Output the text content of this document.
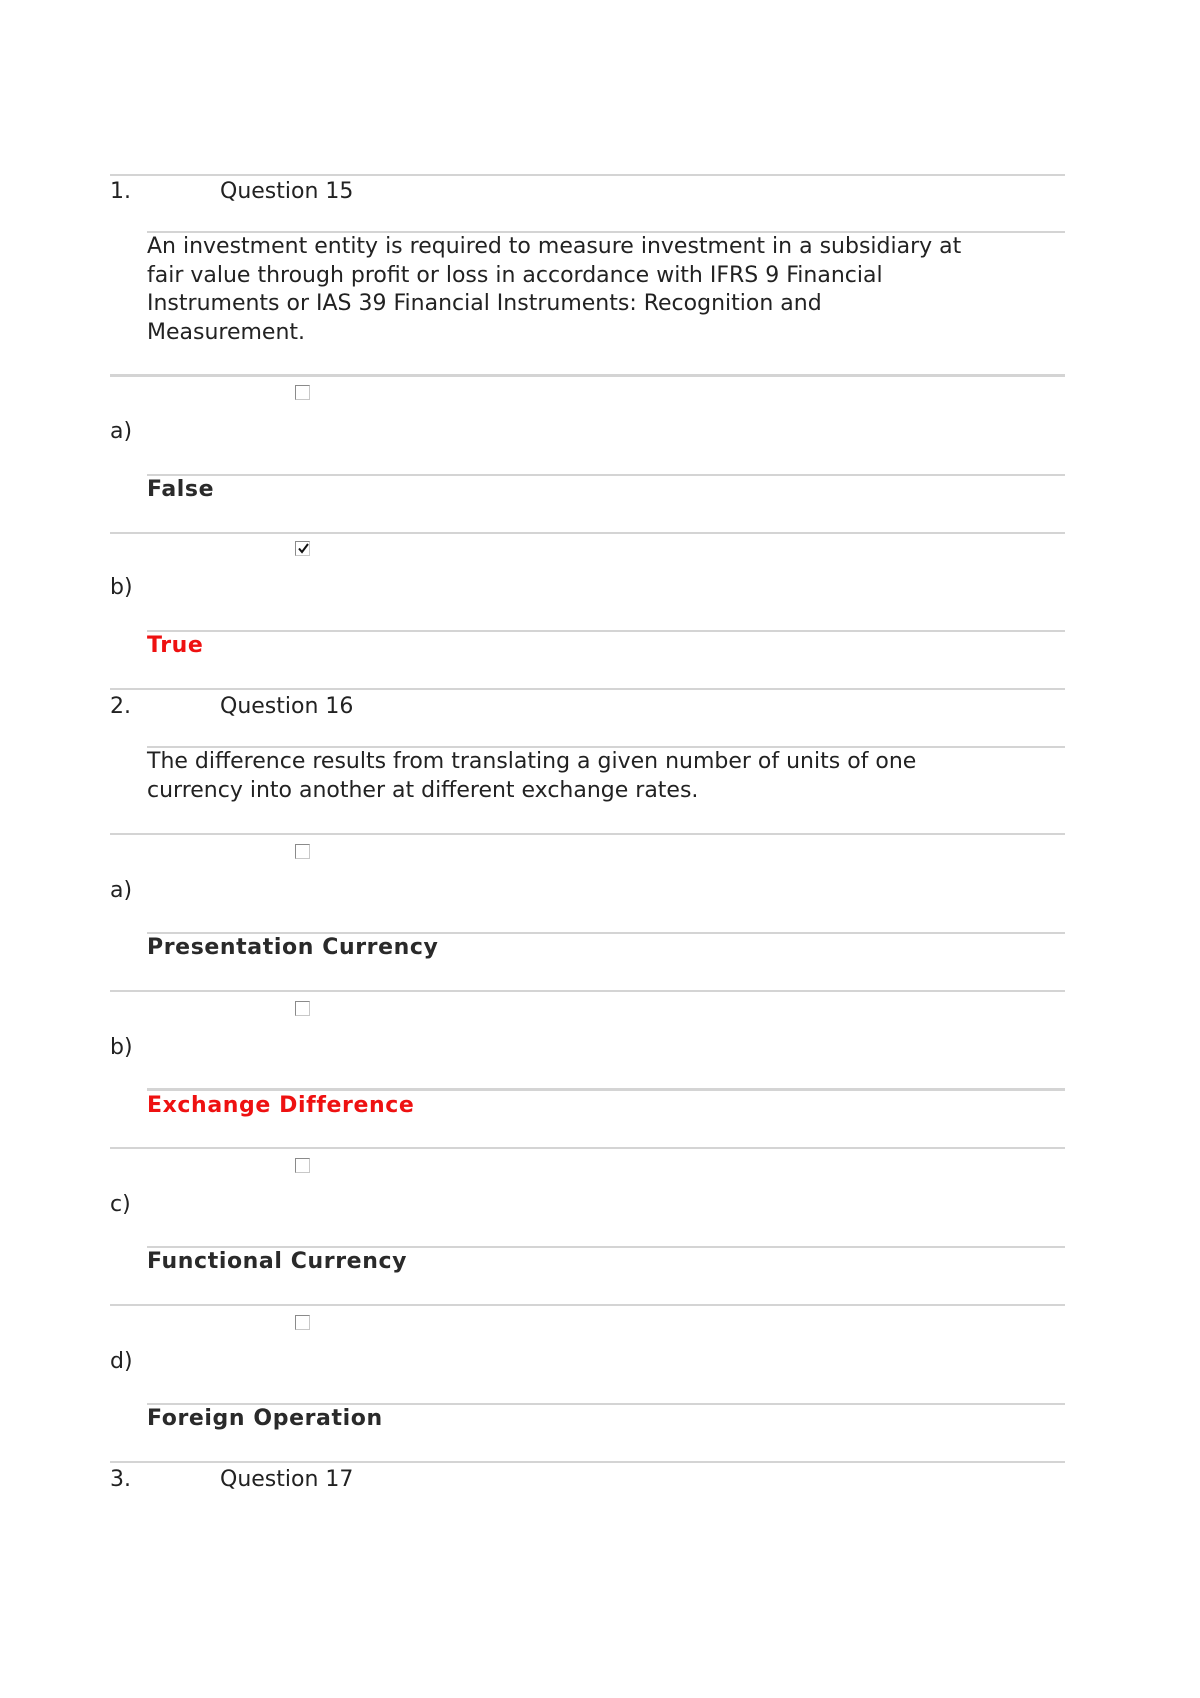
1.	Question 15
An investment entity is required to measure investment in a subsidiary at
fair value through profit or loss in accordance with IFRS 9 Financial
Instruments or IAS 39 Financial Instruments: Recognition and
Measurement.
a)
False
b)
True
2.	Question 16
The difference results from translating a given number of units of one
currency into another at different exchange rates.
a)
Presentation Currency
b)
Exchange Difference
c)
Functional Currency
d)
Foreign Operation
3.	Question 17
